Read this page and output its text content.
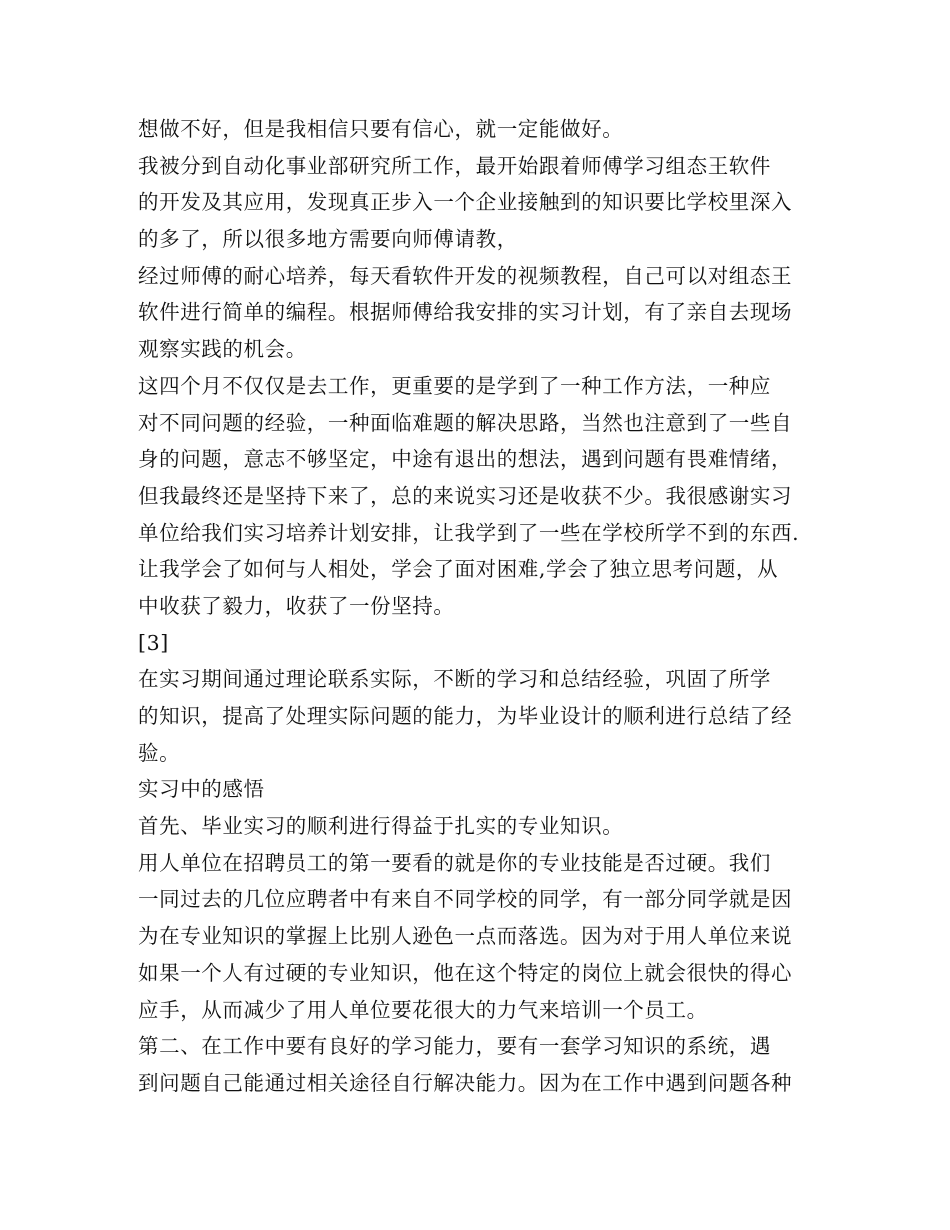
想做不好，但是我相信只要有信心，就一定能做好。
我被分到自动化事业部研究所工作，最开始跟着师傅学习组态王软件
的开发及其应用，发现真正步入一个企业接触到的知识要比学校里深入
的多了，所以很多地方需要向师傅请教，
经过师傅的耐心培养，每天看软件开发的视频教程，自己可以对组态王
软件进行简单的编程。根据师傅给我安排的实习计划，有了亲自去现场
观察实践的机会。
这四个月不仅仅是去工作，更重要的是学到了一种工作方法，一种应
对不同问题的经验，一种面临难题的解决思路，当然也注意到了一些自
身的问题，意志不够坚定，中途有退出的想法，遇到问题有畏难情绪，
但我最终还是坚持下来了，总的来说实习还是收获不少。我很感谢实习
单位给我们实习培养计划安排，让我学到了一些在学校所学不到的东西.
让我学会了如何与人相处，学会了面对困难,学会了独立思考问题，从
中收获了毅力，收获了一份坚持。
[3]
在实习期间通过理论联系实际，不断的学习和总结经验，巩固了所学
的知识，提高了处理实际问题的能力，为毕业设计的顺利进行总结了经
验。
实习中的感悟
首先、毕业实习的顺利进行得益于扎实的专业知识。
用人单位在招聘员工的第一要看的就是你的专业技能是否过硬。我们
一同过去的几位应聘者中有来自不同学校的同学，有一部分同学就是因
为在专业知识的掌握上比别人逊色一点而落选。因为对于用人单位来说
如果一个人有过硬的专业知识，他在这个特定的岗位上就会很快的得心
应手，从而减少了用人单位要花很大的力气来培训一个员工。
第二、在工作中要有良好的学习能力，要有一套学习知识的系统，遇
到问题自己能通过相关途径自行解决能力。因为在工作中遇到问题各种
